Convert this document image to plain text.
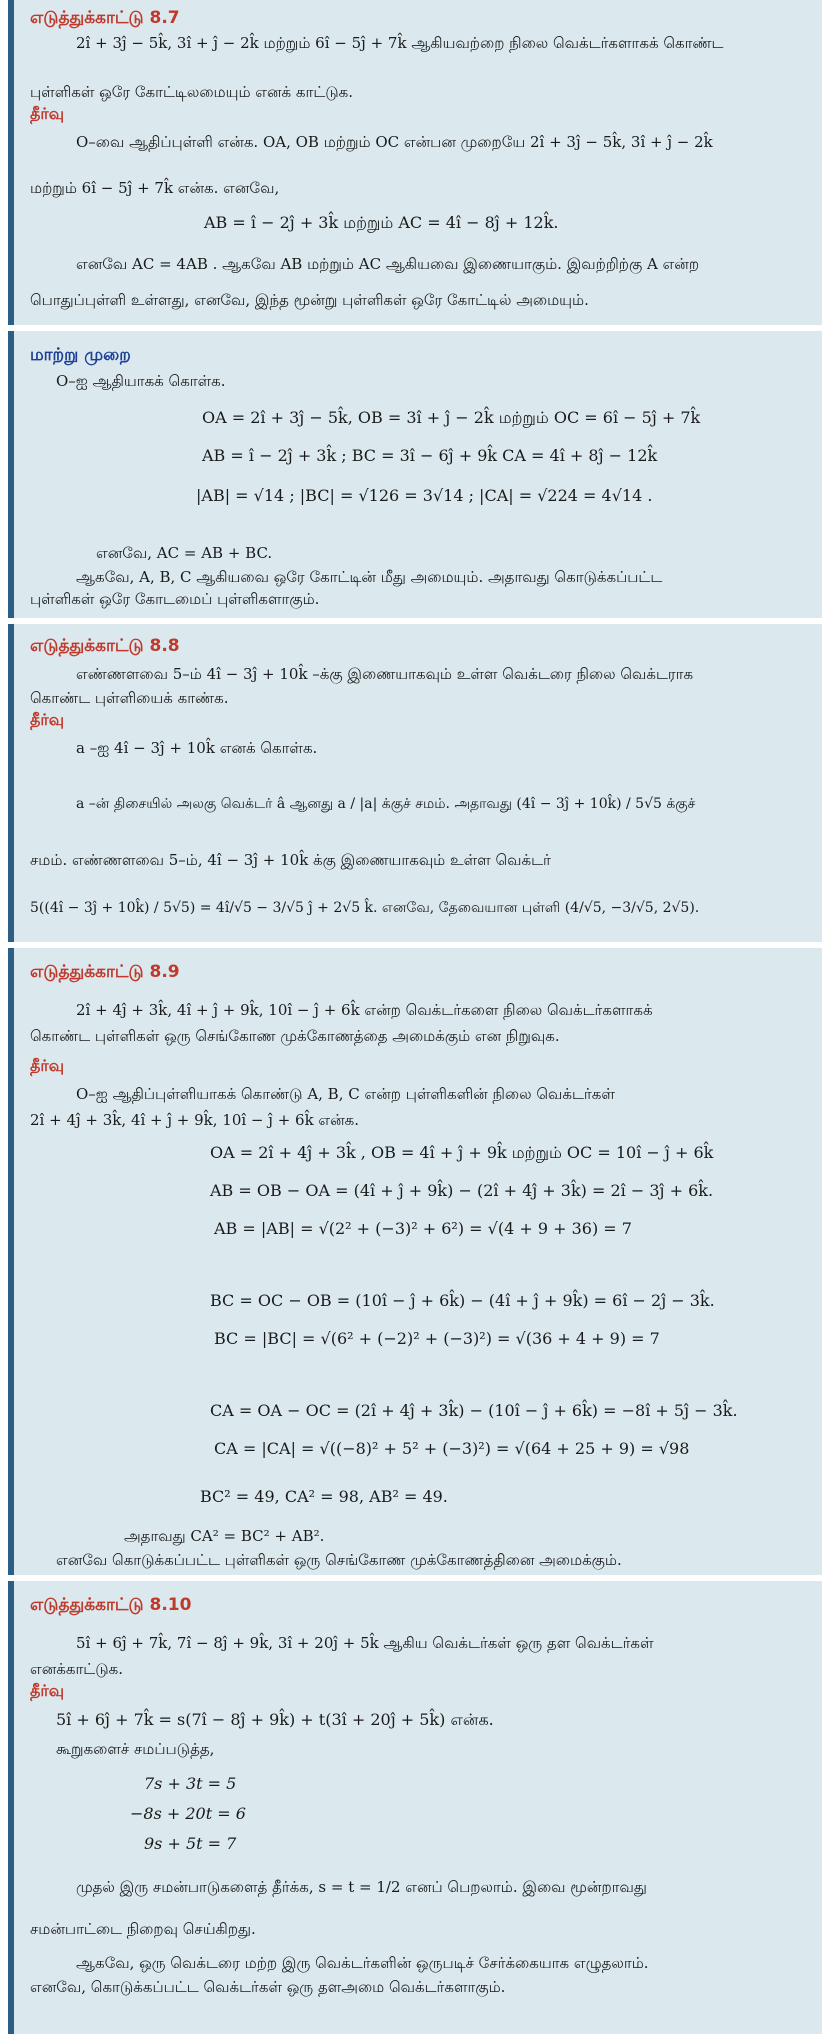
எடுத்துக்காட்டு 8.7
2î + 3ĵ − 5k̂, 3î + ĵ − 2k̂ மற்றும் 6î − 5ĵ + 7k̂ ஆகியவற்றை நிலை வெக்டர்களாகக் கொண்ட
புள்ளிகள் ஒரே கோட்டிலமையும் எனக் காட்டுக.
தீர்வு
O–வை ஆதிப்புள்ளி என்க. OA, OB மற்றும் OC என்பன முறையே 2î + 3ĵ − 5k̂, 3î + ĵ − 2k̂
மற்றும் 6î − 5ĵ + 7k̂ என்க. எனவே,
AB = î − 2ĵ + 3k̂ மற்றும் AC = 4î − 8ĵ + 12k̂.
எனவே AC = 4AB . ஆகவே AB மற்றும் AC ஆகியவை இணையாகும். இவற்றிற்கு A என்ற
பொதுப்புள்ளி உள்ளது, எனவே, இந்த மூன்று புள்ளிகள் ஒரே கோட்டில் அமையும்.
மாற்று முறை
O–ஐ ஆதியாகக் கொள்க.
OA = 2î + 3ĵ − 5k̂, OB = 3î + ĵ − 2k̂ மற்றும் OC = 6î − 5ĵ + 7k̂
AB = î − 2ĵ + 3k̂ ; BC = 3î − 6ĵ + 9k̂ CA = 4î + 8ĵ − 12k̂
|AB| = √14 ; |BC| = √126 = 3√14 ; |CA| = √224 = 4√14 .
எனவே, AC = AB + BC.
ஆகவே, A, B, C ஆகியவை ஒரே கோட்டின் மீது அமையும். அதாவது கொடுக்கப்பட்ட
புள்ளிகள் ஒரே கோடமைப் புள்ளிகளாகும்.
எடுத்துக்காட்டு 8.8
எண்ணளவை 5–ம் 4î − 3ĵ + 10k̂ –க்கு இணையாகவும் உள்ள வெக்டரை நிலை வெக்டராக
கொண்ட புள்ளியைக் காண்க.
தீர்வு
a –ஐ 4î − 3ĵ + 10k̂ எனக் கொள்க.
a –ன் திசையில் அலகு வெக்டர் â ஆனது a / |a| க்குச் சமம். அதாவது (4î − 3ĵ + 10k̂) / 5√5 க்குச்
சமம். எண்ணளவை 5–ம், 4î − 3ĵ + 10k̂ க்கு இணையாகவும் உள்ள வெக்டர்
5((4î − 3ĵ + 10k̂) / 5√5) = 4î/√5 − 3/√5 ĵ + 2√5 k̂. எனவே, தேவையான புள்ளி (4/√5, −3/√5, 2√5).
எடுத்துக்காட்டு 8.9
2î + 4ĵ + 3k̂, 4î + ĵ + 9k̂, 10î − ĵ + 6k̂ என்ற வெக்டர்களை நிலை வெக்டர்களாகக்
கொண்ட புள்ளிகள் ஒரு செங்கோண முக்கோணத்தை அமைக்கும் என நிறுவுக.
தீர்வு
O–ஐ ஆதிப்புள்ளியாகக் கொண்டு A, B, C என்ற புள்ளிகளின் நிலை வெக்டர்கள்
2î + 4ĵ + 3k̂, 4î + ĵ + 9k̂, 10î − ĵ + 6k̂ என்க.
OA = 2î + 4ĵ + 3k̂ , OB = 4î + ĵ + 9k̂ மற்றும் OC = 10î − ĵ + 6k̂
AB = OB − OA = (4î + ĵ + 9k̂) − (2î + 4ĵ + 3k̂) = 2î − 3ĵ + 6k̂.
AB = |AB| = √(2² + (−3)² + 6²) = √(4 + 9 + 36) = 7
BC = OC − OB = (10î − ĵ + 6k̂) − (4î + ĵ + 9k̂) = 6î − 2ĵ − 3k̂.
BC = |BC| = √(6² + (−2)² + (−3)²) = √(36 + 4 + 9) = 7
CA = OA − OC = (2î + 4ĵ + 3k̂) − (10î − ĵ + 6k̂) = −8î + 5ĵ − 3k̂.
CA = |CA| = √((−8)² + 5² + (−3)²) = √(64 + 25 + 9) = √98
BC² = 49, CA² = 98, AB² = 49.
அதாவது CA² = BC² + AB².
எனவே கொடுக்கப்பட்ட புள்ளிகள் ஒரு செங்கோண முக்கோணத்தினை அமைக்கும்.
எடுத்துக்காட்டு 8.10
5î + 6ĵ + 7k̂, 7î − 8ĵ + 9k̂, 3î + 20ĵ + 5k̂ ஆகிய வெக்டர்கள் ஒரு தள வெக்டர்கள்
எனக்காட்டுக.
தீர்வு
5î + 6ĵ + 7k̂ = s(7î − 8ĵ + 9k̂) + t(3î + 20ĵ + 5k̂) என்க.
கூறுகளைச் சமப்படுத்த,
7s + 3t = 5
−8s + 20t = 6
9s + 5t = 7
முதல் இரு சமன்பாடுகளைத் தீர்க்க, s = t = 1/2 எனப் பெறலாம். இவை மூன்றாவது
சமன்பாட்டை நிறைவு செய்கிறது.
ஆகவே, ஒரு வெக்டரை மற்ற இரு வெக்டர்களின் ஒருபடிச் சேர்க்கையாக எழுதலாம்.
எனவே, கொடுக்கப்பட்ட வெக்டர்கள் ஒரு தளஅமை வெக்டர்களாகும்.
